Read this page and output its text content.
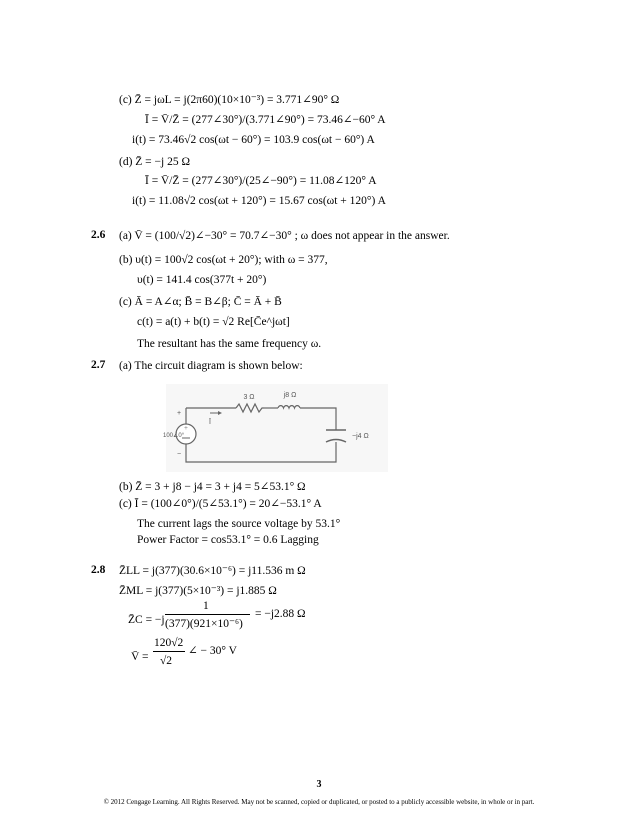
(c) Z̄ = jωL = j(2π60)(10×10⁻³) = 3.771∠90° Ω
Ī = V̄/Z̄ = (277∠30°)/(3.771∠90°) = 73.46∠−60° A
i(t) = 73.46√2 cos(ωt − 60°) = 103.9 cos(ωt − 60°) A
(d) Z̄ = −j 25 Ω
Ī = V̄/Z̄ = (277∠30°)/(25∠−90°) = 11.08∠120° A
i(t) = 11.08√2 cos(ωt + 120°) = 15.67 cos(ωt + 120°) A
2.6 (a) V̄ = (100/√2)∠−30° = 70.7∠−30° ; ω does not appear in the answer.
(b) υ(t) = 100√2 cos(ωt + 20°); with ω = 377,
υ(t) = 141.4 cos(377t + 20°)
(c) Ā = A∠α; B̄ = B∠β; C̄ = Ā + B̄
c(t) = a(t) + b(t) = √2 Re[C̄e^jωt]
The resultant has the same frequency ω.
2.7 (a) The circuit diagram is shown below:
+
3 Ω	j8 Ω
−j4 Ω
100∠0°
Ī
+
−
(b) Z̄ = 3 + j8 − j4 = 3 + j4 = 5∠53.1° Ω
(c) Ī = (100∠0°)/(5∠53.1°) = 20∠−53.1° A
The current lags the source voltage by 53.1°
Power Factor = cos53.1° = 0.6 Lagging
2.8 Z̄LL = j(377)(30.6×10⁻⁶) = j11.536 m Ω
Z̄ML = j(377)(5×10⁻³) = j1.885 Ω
Z̄C = −j
1
(377)(921×10⁻⁶)
= −j2.88 Ω
V̄ =
120√2
√2
∠ − 30° V
3
© 2012 Cengage Learning. All Rights Reserved. May not be scanned, copied or duplicated, or posted to a publicly accessible website, in whole or in part.
